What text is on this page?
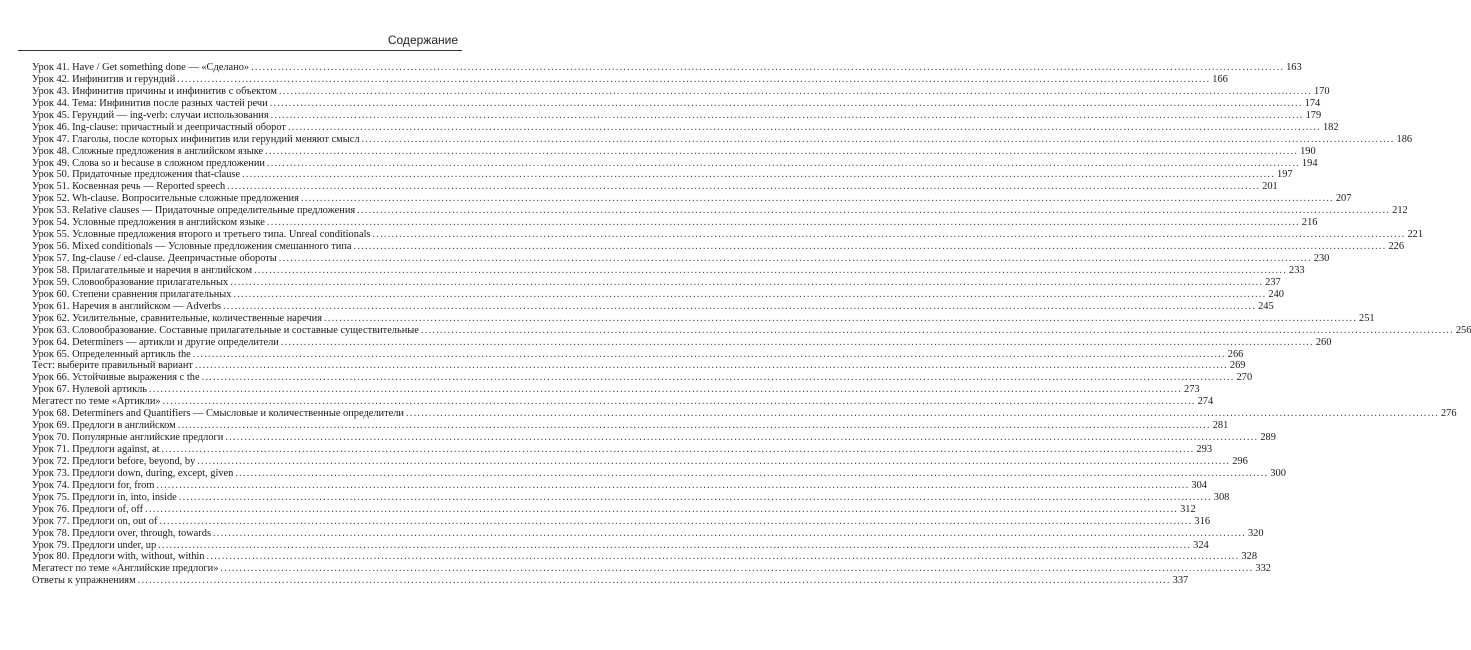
Содержание
Урок 41. Have / Get something done — «Сделано» .....	163
Урок 42. Инфинитив и герундий .....	166
Урок 43. Инфинитив причины и инфинитив с объектом .....	170
Урок 44. Тема: Инфинитив после разных частей речи .....	174
Урок 45. Герундий — ing-verb: случаи использования .....	179
Урок 46. Ing-clause: причастный и деепричастный оборот .....	182
Урок 47. Глаголы, после которых инфинитив или герундий меняют смысл .....	186
Урок 48. Сложные предложения в английском языке .....	190
Урок 49. Слова so и because в сложном предложении .....	194
Урок 50. Придаточные предложения that-clause .....	197
Урок 51. Косвенная речь — Reported speech .....	201
Урок 52. Wh-clause. Вопросительные сложные предложения .....	207
Урок 53. Relative clauses — Придаточные определительные предложения .....	212
Урок 54. Условные предложения в английском языке .....	216
Урок 55. Условные предложения второго и третьего типа. Unreal conditionals .....	221
Урок 56. Mixed conditionals — Условные предложения смешанного типа .....	226
Урок 57. Ing-clause / ed-clause. Деепричастные обороты .....	230
Урок 58. Прилагательные и наречия в английском .....	233
Урок 59. Словообразование прилагательных .....	237
Урок 60. Степени сравнения прилагательных .....	240
Урок 61. Наречия в английском — Adverbs .....	245
Урок 62. Усилительные, сравнительные, количественные наречия .....	251
Урок 63. Словообразование. Составные прилагательные и составные существительные .....	256
Урок 64. Determiners — артикли и другие определители .....	260
Урок 65. Определенный артикль the .....	266
Тест: выберите правильный вариант .....	269
Урок 66. Устойчивые выражения с the .....	270
Урок 67. Нулевой артикль .....	273
Мегатест по теме «Артикли» .....	274
Урок 68. Determiners and Quantifiers — Смысловые и количественные определители .....	276
Урок 69. Предлоги в английском .....	281
Урок 70. Популярные английские предлоги .....	289
Урок 71. Предлоги against, at .....	293
Урок 72. Предлоги before, beyond, by .....	296
Урок 73. Предлоги down, during, except, given .....	300
Урок 74. Предлоги for, from .....	304
Урок 75. Предлоги in, into, inside .....	308
Урок 76. Предлоги of, off .....	312
Урок 77. Предлоги on, out of .....	316
Урок 78. Предлоги over, through, towards .....	320
Урок 79. Предлоги under, up .....	324
Урок 80. Предлоги with, without, within .....	328
Мегатест по теме «Английские предлоги» .....	332
Ответы к упражнениям .....	337
